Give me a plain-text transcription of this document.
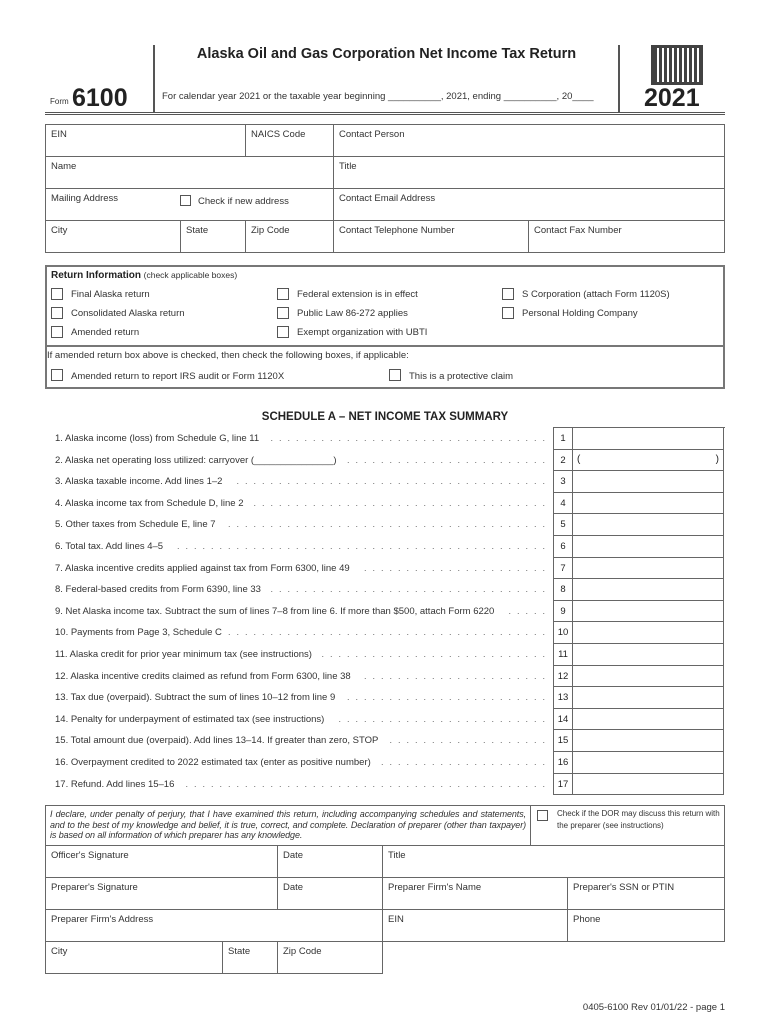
Form 6100
Alaska Oil and Gas Corporation Net Income Tax Return
For calendar year 2021 or the taxable year beginning __________, 2021, ending __________, 20____ 2021
EIN	NAICS Code	Contact Person
Name	Title
Mailing Address	Check if new address	Contact Email Address
City	State	Zip Code	Contact Telephone Number	Contact Fax Number
Return Information (check applicable boxes)
Final Alaska return	Federal extension is in effect	S Corporation (attach Form 1120S)
Consolidated Alaska return	Public Law 86-272 applies	Personal Holding Company
Amended return	Exempt organization with UBTI
Amended return to report IRS audit or Form 1120X	This is a protective claim
If amended return box above is checked, then check the following boxes, if applicable:
SCHEDULE A – NET INCOME TAX SUMMARY
1. Alaska income (loss) from Schedule G, line 11	................................. 1
2. Alaska net operating loss utilized: carryover (_______________)	........................ 2	(	)
3. Alaska taxable income. Add lines 1–2	..................................... 3
4. Alaska income tax from Schedule D, line 2	................................... 4
5. Other taxes from Schedule E, line 7	...................................... 5
6. Total tax. Add lines 4–5	............................................ 6
7. Alaska incentive credits applied against tax from Form 6300, line 49	...................... 7
8. Federal-based credits from Form 6390, line 33	................................. 8
9. Net Alaska income tax. Subtract the sum of lines 7–8 from line 6. If more than $500, attach Form 6220	..... 9
10. Payments from Page 3, Schedule C ...................................... 10
11. Alaska credit for prior year minimum tax (see instructions)	........................... 11
12. Alaska incentive credits claimed as refund from Form 6300, line 38	...................... 12
13. Tax due (overpaid). Subtract the sum of lines 10–12 from line 9	........................ 13
14. Penalty for underpayment of estimated tax (see instructions)	......................... 14
15. Total amount due (overpaid). Add lines 13–14. If greater than zero, STOP	................... 15
16. Overpayment credited to 2022 estimated tax (enter as positive number)	.................... 16
17. Refund. Add lines 15–16	........................................... 17
I declare, under penalty of perjury, that I have examined this return, including accompanying schedules and statements, and to the best of my knowledge and belief, it is true, correct, and complete. Declaration of preparer (other than taxpayer) is based on all information of which preparer has any knowledge.
Check if the DOR may discuss this return with the preparer (see instructions)
Officer's Signature	Date	Title
Preparer's Signature	Date	Preparer Firm's Name	Preparer's SSN or PTIN
Preparer Firm's Address	EIN	Phone
City	State	Zip Code
0405-6100 Rev 01/01/22 - page 1
